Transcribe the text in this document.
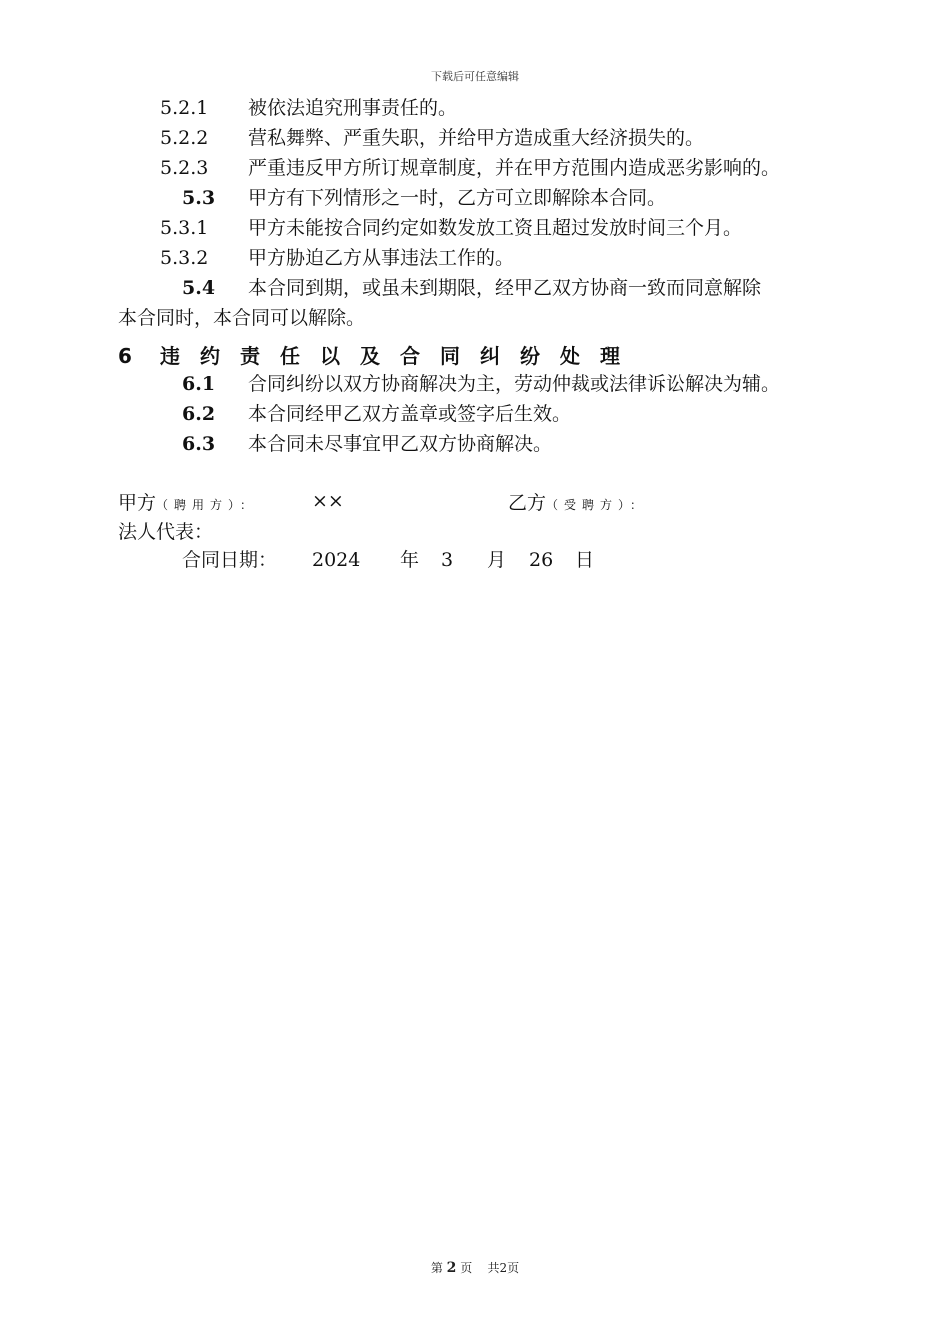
下载后可任意编辑
5.2.1 被依法追究刑事责任的。
5.2.2 营私舞弊、严重失职，并给甲方造成重大经济损失的。
5.2.3 严重违反甲方所订规章制度，并在甲方范围内造成恶劣影响的。
5.3 甲方有下列情形之一时，乙方可立即解除本合同。
5.3.1 甲方未能按合同约定如数发放工资且超过发放时间三个月。
5.3.2 甲方胁迫乙方从事违法工作的。
5.4 本合同到期，或虽未到期限，经甲乙双方协商一致而同意解除
本合同时，本合同可以解除。
6 违约责任以及合同纠纷处理
6.1 合同纠纷以双方协商解决为主，劳动仲裁或法律诉讼解决为辅。
6.2 本合同经甲乙双方盖章或签字后生效。
6.3 本合同未尽事宜甲乙双方协商解决。
甲方（聘用方）：	××	乙方（受聘方）：
法人代表：
合同日期： 2024 年 3 月 26 日
第 2 页 共2页
